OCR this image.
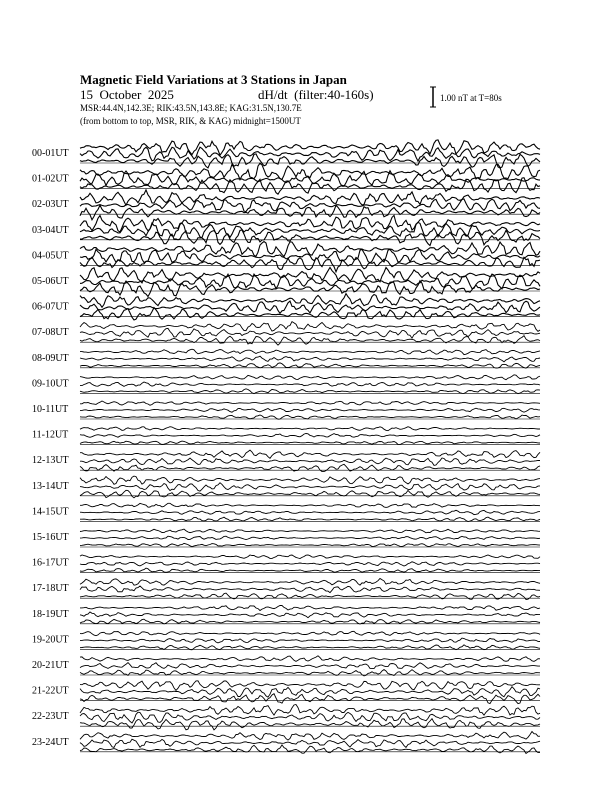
Magnetic Field Variations at 3 Stations in Japan
15  October  2025	dH/dt  (filter:40-160s)
MSR:44.4N,142.3E; RIK:43.5N,143.8E; KAG:31.5N,130.7E
(from bottom to top, MSR, RIK, & KAG) midnight=1500UT
1.00 nT at T=80s
00-01UT
01-02UT
02-03UT
03-04UT
04-05UT
05-06UT
06-07UT
07-08UT
08-09UT
09-10UT
10-11UT
11-12UT
12-13UT
13-14UT
14-15UT
15-16UT
16-17UT
17-18UT
18-19UT
19-20UT
20-21UT
21-22UT
22-23UT
23-24UT
